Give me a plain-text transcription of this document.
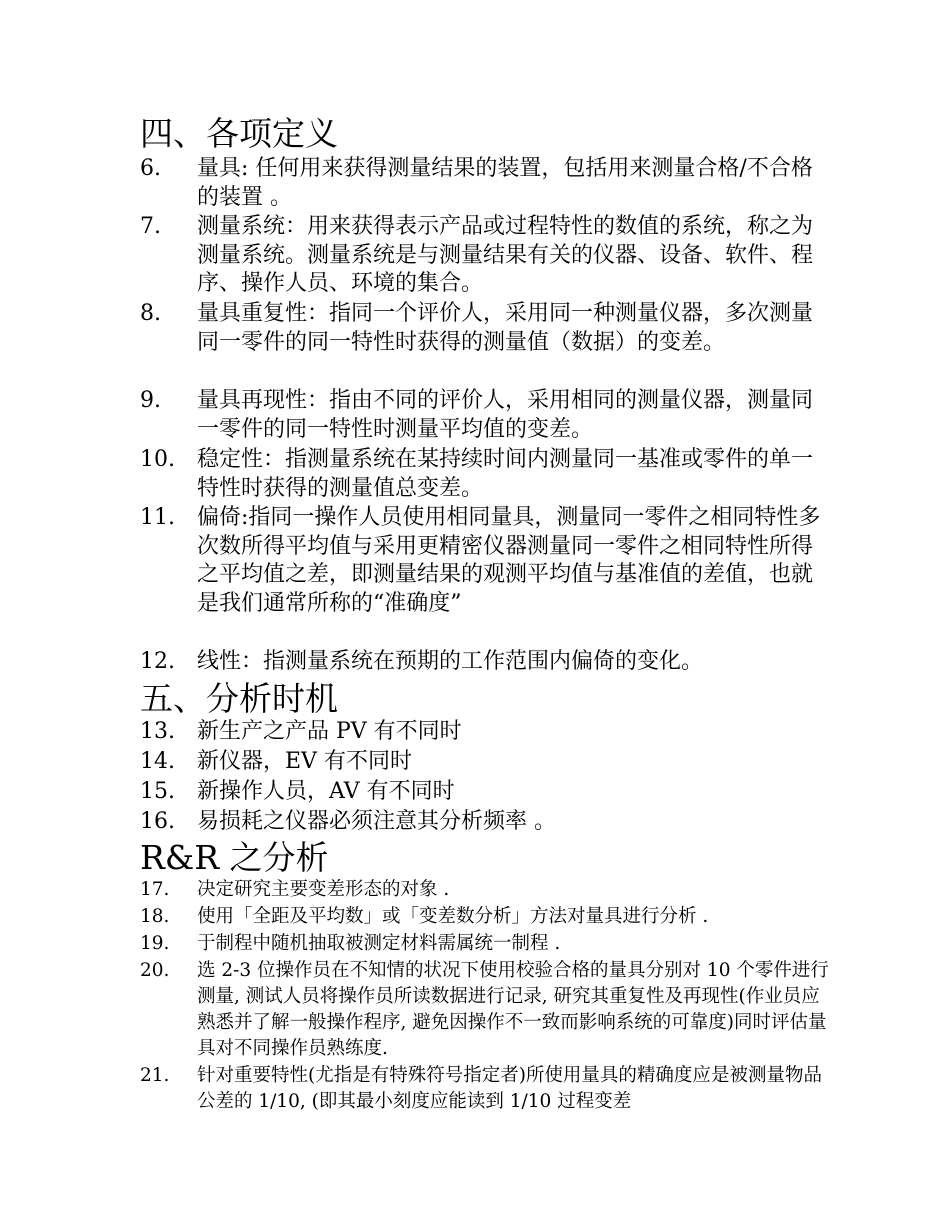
四、各项定义
6. 量具: 任何用来获得测量结果的装置，包括用来测量合格/不合格的装置 。
7. 测量系统：用来获得表示产品或过程特性的数值的系统，称之为测量系统。测量系统是与测量结果有关的仪器、设备、软件、程序、操作人员、环境的集合。
8. 量具重复性：指同一个评价人，采用同一种测量仪器，多次测量同一零件的同一特性时获得的测量值（数据）的变差。
9. 量具再现性：指由不同的评价人，采用相同的测量仪器，测量同一零件的同一特性时测量平均值的变差。
10. 稳定性：指测量系统在某持续时间内测量同一基准或零件的单一特性时获得的测量值总变差。
11. 偏倚:指同一操作人员使用相同量具，测量同一零件之相同特性多次数所得平均值与采用更精密仪器测量同一零件之相同特性所得之平均值之差，即测量结果的观测平均值与基准值的差值，也就是我们通常所称的“准确度”
12. 线性：指测量系统在预期的工作范围内偏倚的变化。
五、分析时机
13. 新生产之产品 PV 有不同时
14. 新仪器，EV 有不同时
15. 新操作人员，AV 有不同时
16. 易损耗之仪器必须注意其分析频率 。
R&R 之分析
17. 决定研究主要变差形态的对象 .
18. 使用「全距及平均数」或「变差数分析」方法对量具进行分析 .
19. 于制程中随机抽取被测定材料需属统一制程 .
20. 选 2-3 位操作员在不知情的状况下使用校验合格的量具分别对 10 个零件进行测量, 测试人员将操作员所读数据进行记录, 研究其重复性及再现性(作业员应熟悉并了解一般操作程序, 避免因操作不一致而影响系统的可靠度)同时评估量具对不同操作员熟练度.
21. 针对重要特性(尤指是有特殊符号指定者)所使用量具的精确度应是被测量物品公差的 1/10, (即其最小刻度应能读到 1/10 过程变差
